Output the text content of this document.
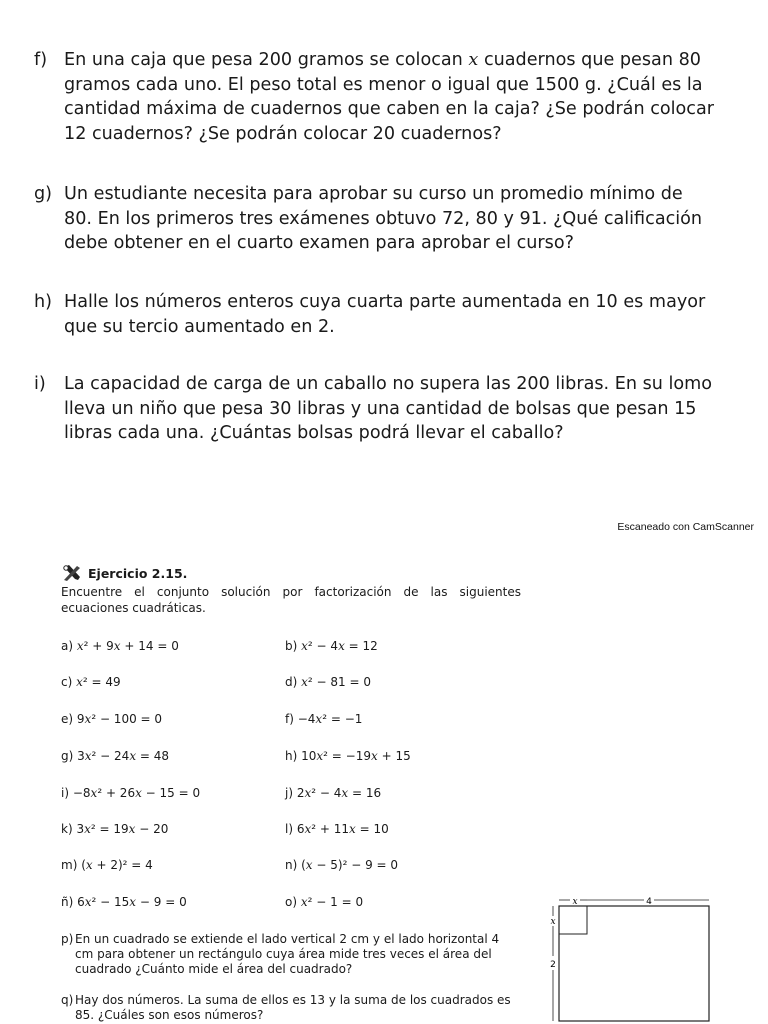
f) En una caja que pesa 200 gramos se colocan x cuadernos que pesan 80 gramos cada uno. El peso total es menor o igual que 1500 g. ¿Cuál es la cantidad máxima de cuadernos que caben en la caja? ¿Se podrán colocar 12 cuadernos? ¿Se podrán colocar 20 cuadernos?
g) Un estudiante necesita para aprobar su curso un promedio mínimo de 80. En los primeros tres exámenes obtuvo 72, 80 y 91. ¿Qué calificación debe obtener en el cuarto examen para aprobar el curso?
h) Halle los números enteros cuya cuarta parte aumentada en 10 es mayor que su tercio aumentado en 2.
i) La capacidad de carga de un caballo no supera las 200 libras. En su lomo lleva un niño que pesa 30 libras y una cantidad de bolsas que pesan 15 libras cada una. ¿Cuántas bolsas podrá llevar el caballo?
Escaneado con CamScanner
Ejercicio 2.15.
Encuentre el conjunto solución por factorización de las siguientes ecuaciones cuadráticas.
a) x² + 9x + 14 = 0
c) x² = 49
e) 9x² − 100 = 0
g) 3x² − 24x = 48
i) −8x² + 26x − 15 = 0
k) 3x² = 19x − 20
m) (x + 2)² = 4
ñ) 6x² − 15x − 9 = 0
b) x² − 4x = 12
d) x² − 81 = 0
f) −4x² = −1
h) 10x² = −19x + 15
j) 2x² − 4x = 16
l) 6x² + 11x = 10
n) (x − 5)² − 9 = 0
o) x² − 1 = 0
p) En un cuadrado se extiende el lado vertical 2 cm y el lado horizontal 4 cm para obtener un rectángulo cuya área mide tres veces el área del cuadrado ¿Cuánto mide el área del cuadrado?
q) Hay dos números. La suma de ellos es 13 y la suma de los cuadrados es 85. ¿Cuáles son esos números?
x	4
x
2
